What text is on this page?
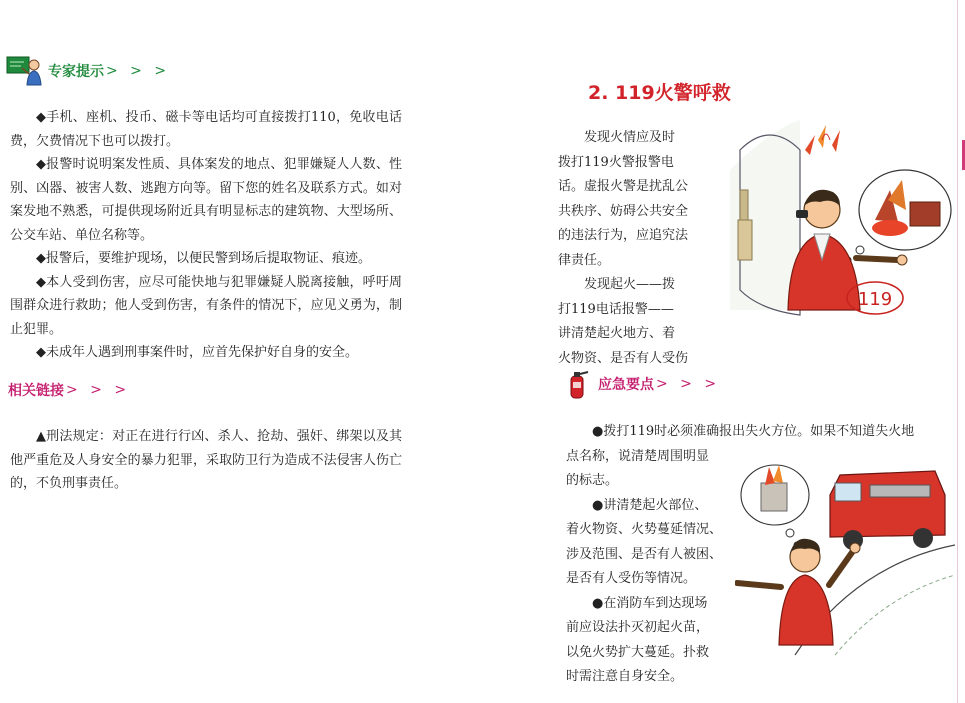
专家提示 > > >

◆手机、座机、投币、磁卡等电话均可直接拨打110，免收电话费，欠费情况下也可以拨打。

◆报警时说明案发性质、具体案发的地点、犯罪嫌疑人人数、性别、凶器、被害人数、逃跑方向等。留下您的姓名及联系方式。如对案发地不熟悉，可提供现场附近具有明显标志的建筑物、大型场所、公交车站、单位名称等。

◆报警后，要维护现场，以便民警到场后提取物证、痕迹。

◆本人受到伤害，应尽可能快地与犯罪嫌疑人脱离接触，呼吁周围群众进行救助；他人受到伤害，有条件的情况下，应见义勇为，制止犯罪。

◆未成年人遇到刑事案件时，应首先保护好自身的安全。

相关链接 > > >

▲刑法规定：对正在进行行凶、杀人、抢劫、强奸、绑架以及其他严重危及人身安全的暴力犯罪，采取防卫行为造成不法侵害人伤亡的，不负刑事责任。

2. 119火警呼救

发现火情应及时

拨打119火警报警电

话。虚报火警是扰乱公

共秩序、妨碍公共安全

的违法行为，应追究法

律责任。

发现起火——拨

打119电话报警——

讲清楚起火地方、着

火物资、是否有人受伤

119
应急要点 > > >

●拨打119时必须准确报出失火方位。如果不知道失火地

点名称，说清楚周围明显

的标志。

●讲清楚起火部位、

着火物资、火势蔓延情况、

涉及范围、是否有人被困、

是否有人受伤等情况。

●在消防车到达现场

前应设法扑灭初起火苗，

以免火势扩大蔓延。扑救

时需注意自身安全。
